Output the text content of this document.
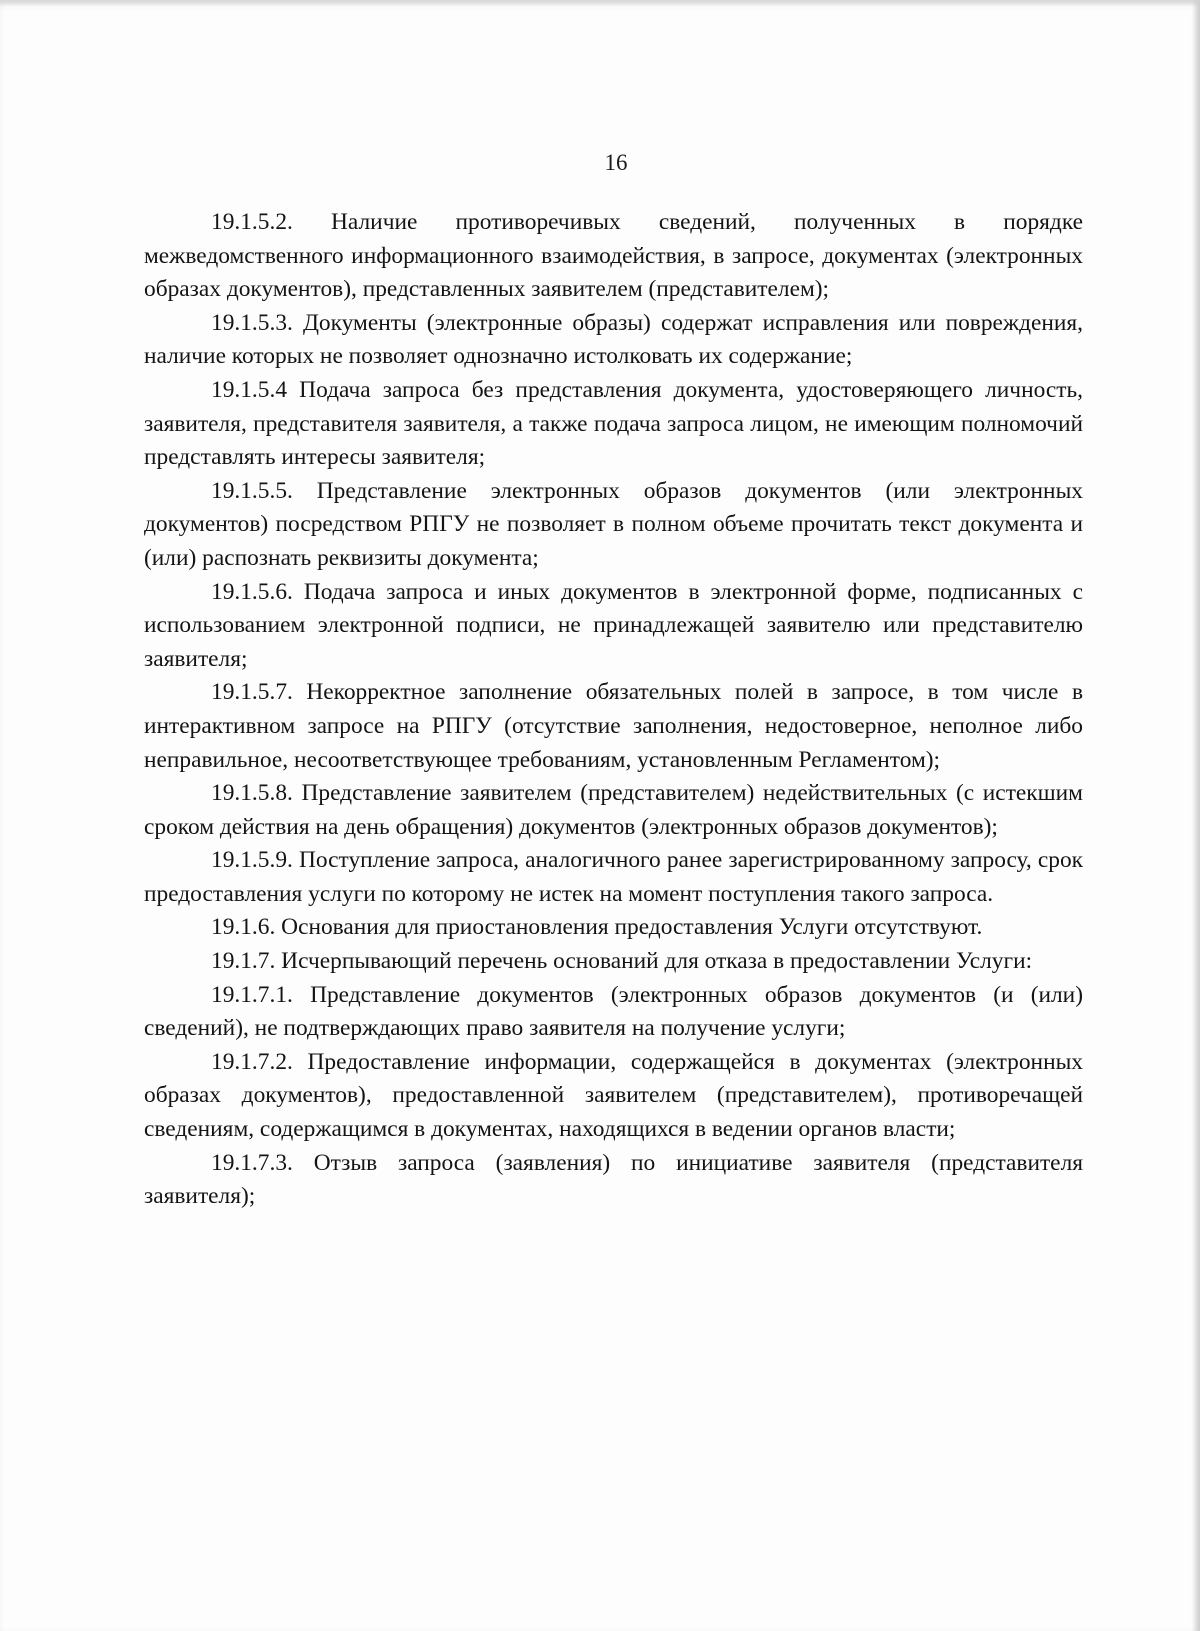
16

19.1.5.2. Наличие противоречивых сведений, полученных в порядке межведомственного информационного взаимодействия, в запросе, документах (электронных образах документов), представленных заявителем (представителем);

19.1.5.3. Документы (электронные образы) содержат исправления или повреждения, наличие которых не позволяет однозначно истолковать их содержание;

19.1.5.4 Подача запроса без представления документа, удостоверяющего личность, заявителя, представителя заявителя, а также подача запроса лицом, не имеющим полномочий представлять интересы заявителя;

19.1.5.5. Представление электронных образов документов (или электронных документов) посредством РПГУ не позволяет в полном объеме прочитать текст документа и (или) распознать реквизиты документа;

19.1.5.6. Подача запроса и иных документов в электронной форме, подписанных с использованием электронной подписи, не принадлежащей заявителю или представителю заявителя;

19.1.5.7. Некорректное заполнение обязательных полей в запросе, в том числе в интерактивном запросе на РПГУ (отсутствие заполнения, недостоверное, неполное либо неправильное, несоответствующее требованиям, установленным Регламентом);

19.1.5.8. Представление заявителем (представителем) недействительных (с истекшим сроком действия на день обращения) документов (электронных образов документов);

19.1.5.9. Поступление запроса, аналогичного ранее зарегистрированному запросу, срок предоставления услуги по которому не истек на момент поступления такого запроса.

19.1.6. Основания для приостановления предоставления Услуги отсутствуют.

19.1.7. Исчерпывающий перечень оснований для отказа в предоставлении Услуги:

19.1.7.1. Представление документов (электронных образов документов (и (или) сведений), не подтверждающих право заявителя на получение услуги;

19.1.7.2. Предоставление информации, содержащейся в документах (электронных образах документов), предоставленной заявителем (представителем), противоречащей сведениям, содержащимся в документах, находящихся в ведении органов власти;

19.1.7.3. Отзыв запроса (заявления) по инициативе заявителя (представителя заявителя);
